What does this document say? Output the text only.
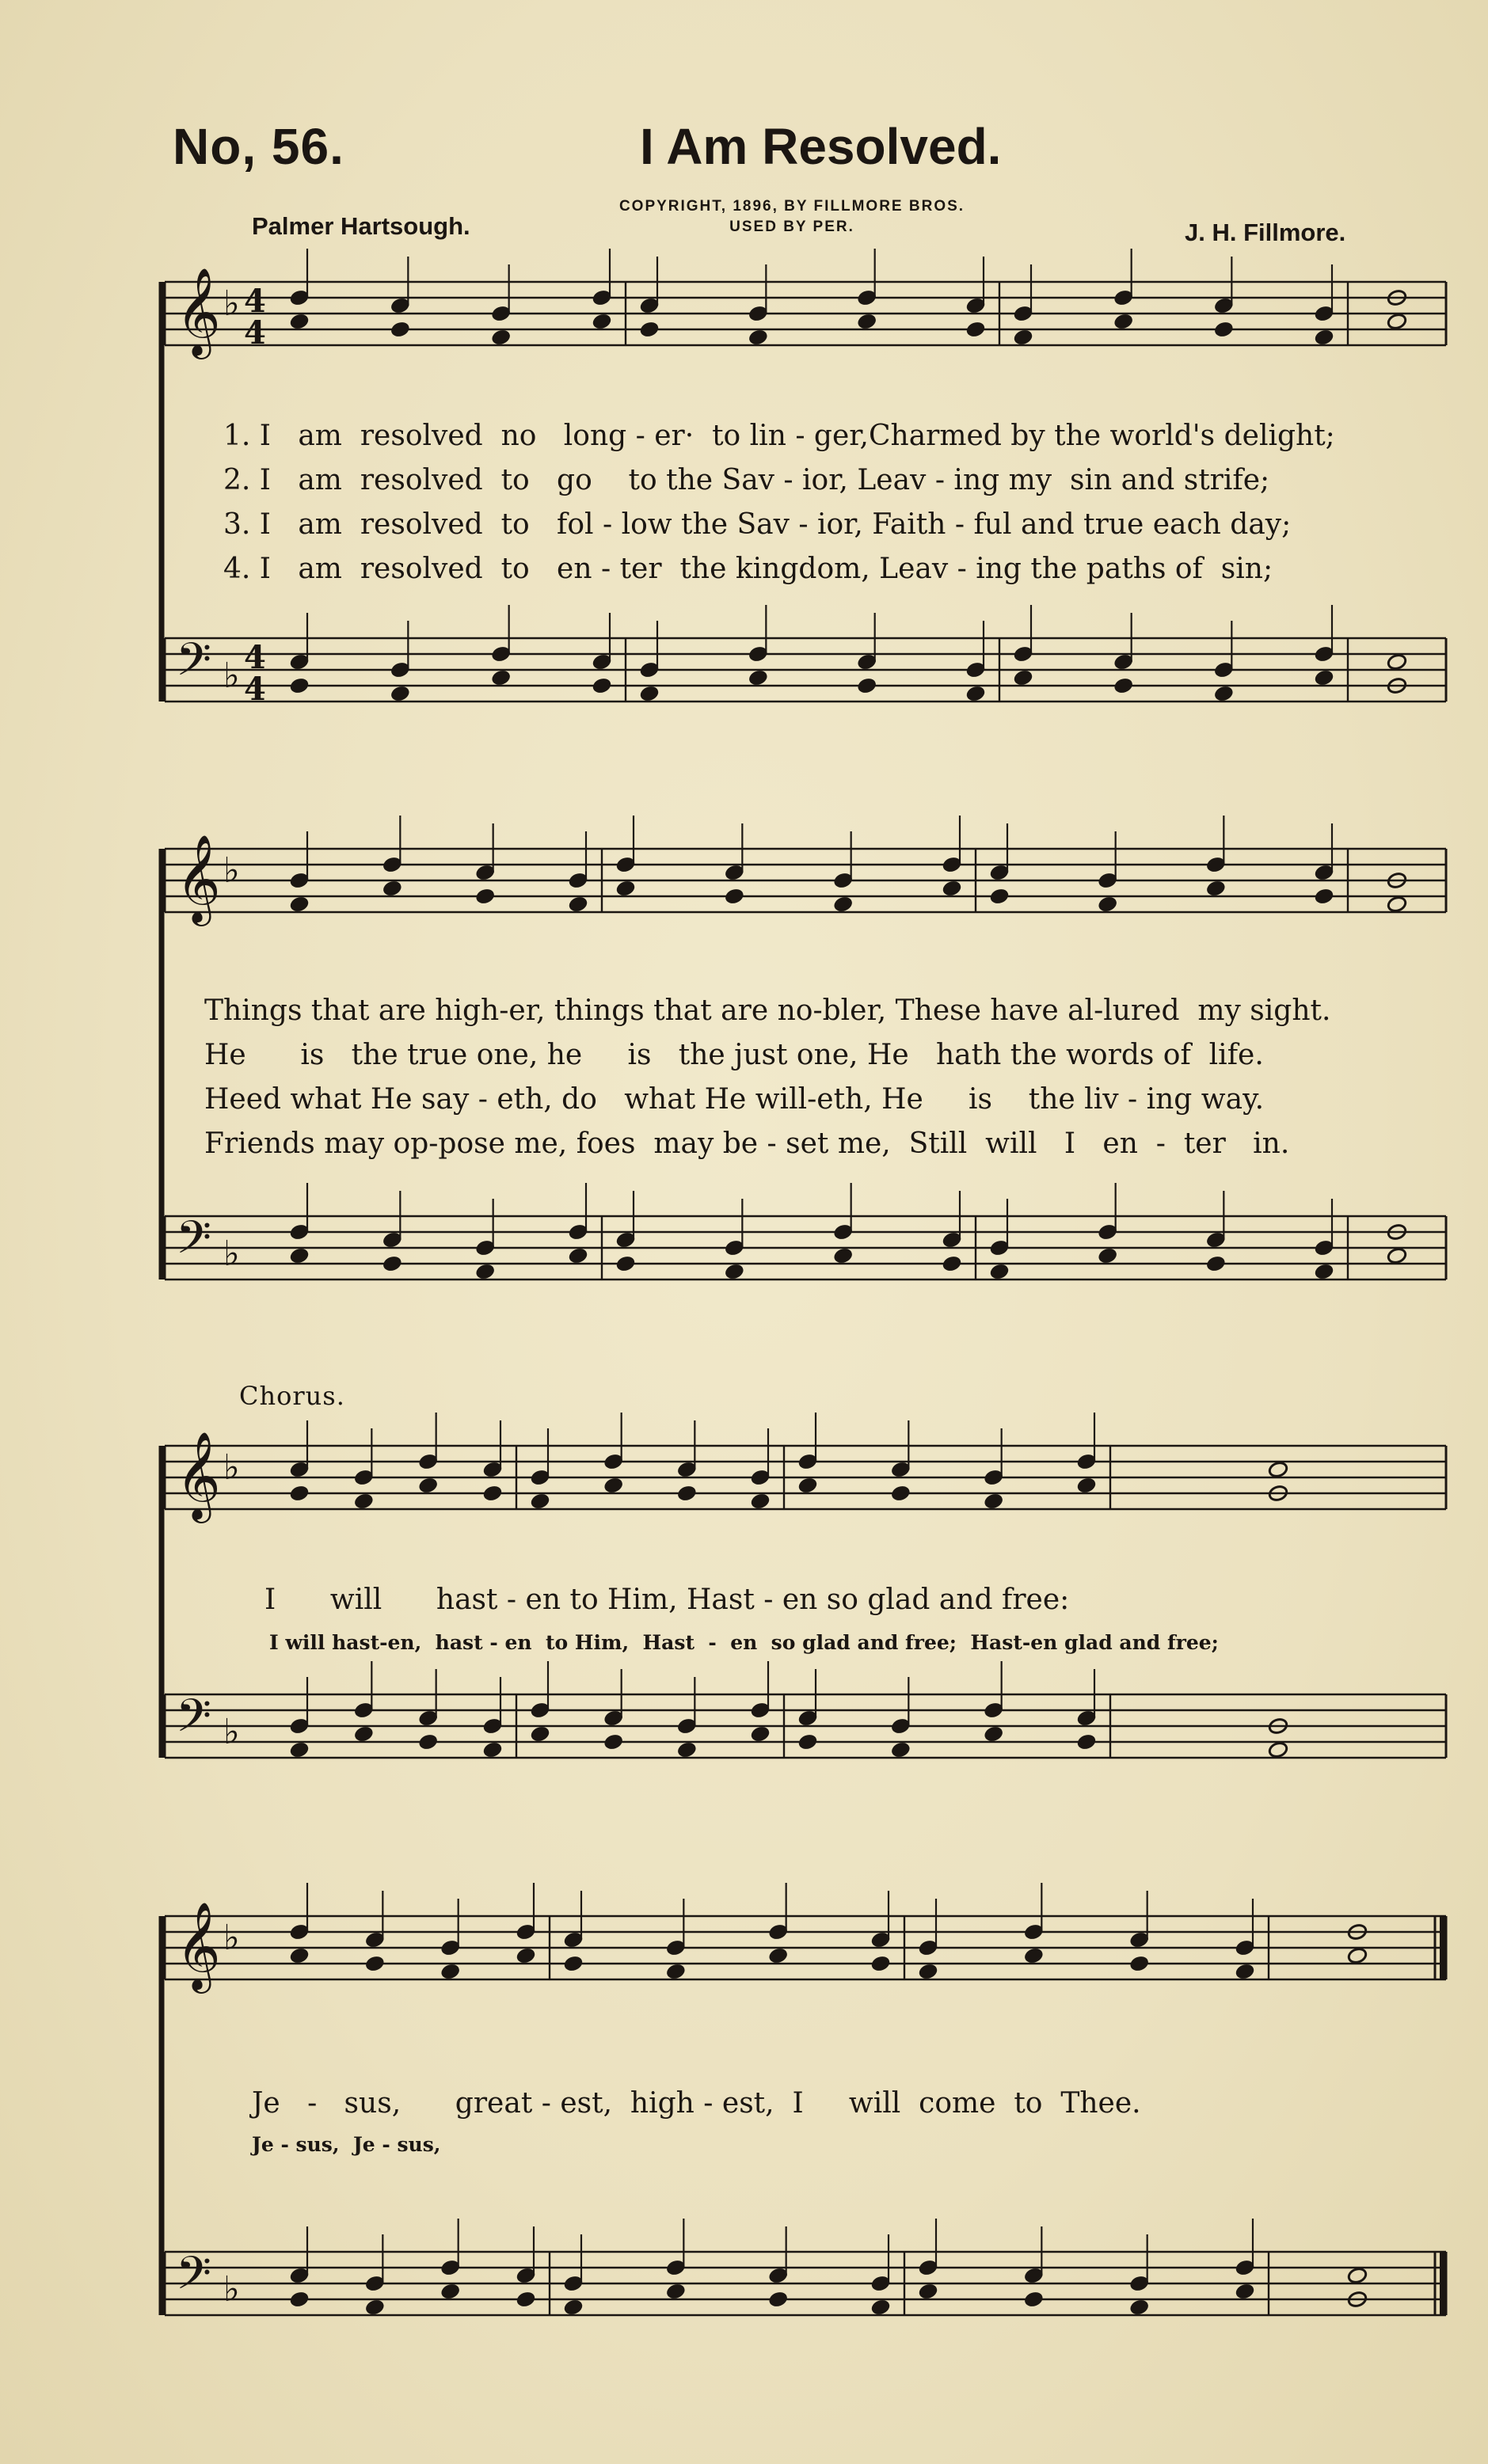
No, 56.	I Am Resolved.
Palmer Hartsough.
COPYRIGHT, 1896, BY FILLMORE BROS.
USED BY PER.	J. H. Fillmore.
𝄞 ♭ 4
4
𝄢 ♭ 4
4
𝄞 ♭
𝄢 ♭
𝄞 ♭
𝄢 ♭
𝄞 ♭
𝄢 ♭
1. I   am  resolved  no   long - er·  to lin - ger,Charmed by the world's delight;
2. I   am  resolved  to   go    to the Sav - ior, Leav - ing my  sin and strife;
3. I   am  resolved  to   fol - low the Sav - ior, Faith - ful and true each day;
4. I   am  resolved  to   en - ter  the kingdom, Leav - ing the paths of  sin;
Things that are high-er, things that are no-bler, These have al-lured  my sight.
He      is   the true one, he     is   the just one, He   hath the words of  life.
Heed what He say - eth, do   what He will-eth, He     is    the liv - ing way.
Friends may op-pose me, foes  may be - set me,  Still  will   I   en  -  ter   in.
Chorus.
I      will      hast - en to Him, Hast - en so glad and free:
I will hast-en,  hast - en  to Him,  Hast  -  en  so glad and free;  Hast-en glad and free;
Je   -   sus,      great - est,  high - est,  I     will  come  to  Thee.
Je - sus,  Je - sus,
